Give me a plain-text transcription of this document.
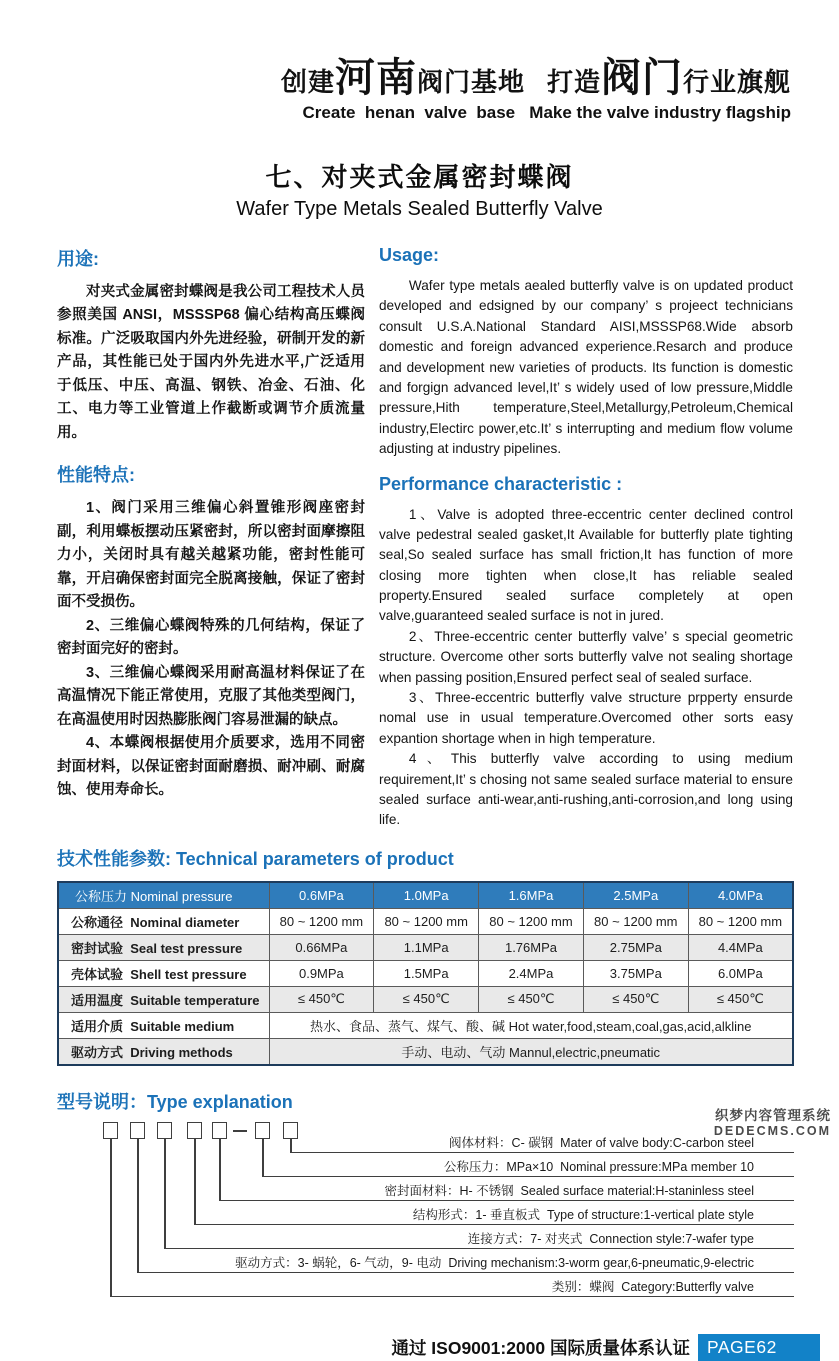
创建河南阀门基地 打造阀门行业旗舰
Create  henan  valve  base   Make the valve industry flagship
七、对夹式金属密封蝶阀
Wafer Type Metals Sealed Butterfly Valve
用途:

对夹式金属密封蝶阀是我公司工程技术人员参照美国 ANSI，MSSSP68 偏心结构高压蝶阀标准。广泛吸取国内外先进经验，研制开发的新产品，其性能已处于国内外先进水平,广泛适用于低压、中压、高温、钢铁、冶金、石油、化工、电力等工业管道上作截断或调节介质流量用。

性能特点:

1、阀门采用三维偏心斜置锥形阀座密封副，利用蝶板摆动压紧密封，所以密封面摩擦阻力小，关闭时具有越关越紧功能，密封性能可靠，开启确保密封面完全脱离接触，保证了密封面不受损伤。

2、三维偏心蝶阀特殊的几何结构，保证了密封面完好的密封。

3、三维偏心蝶阀采用耐高温材料保证了在高温情况下能正常使用，克服了其他类型阀门，在高温使用时因热膨胀阀门容易泄漏的缺点。

4、本蝶阀根据使用介质要求，选用不同密封面材料，以保证密封面耐磨损、耐冲刷、耐腐蚀、使用寿命长。

Usage:

Wafer type metals aealed butterfly valve is on updated product developed and edsigned by our company’ s projeect technicians consult U.S.A.National Standard AISI,MSSSP68.Wide absorb domestic and foreign advanced experience.Resarch and produce and development new varieties of products. Its function is domestic and forgign advanced level,It’ s widely used of low pressure,Middle pressure,Hith temperature,Steel,Metallurgy,Petroleum,Chemical industry,Electirc power,etc.It’ s interrupting and medium flow volume adjusting at industry pipelines.

Performance characteristic :

1、Valve is adopted three-eccentric center declined control valve pedestral sealed gasket,It Available for butterfly plate tighting seal,So sealed surface has small friction,It has function of more closing more tighten when close,It has reliable sealed property.Ensured sealed surface completely at open valve,guaranteed sealed surface is not in jured.

2、Three-eccentric center butterfly valve’ s special geometric structure. Overcome other sorts butterfly valve not sealing shortage when passing position,Ensured perfect seal of sealed surface.

3、Three-eccentric butterfly valve structure prpperty ensurde nomal use in usual temperature.Overcomed other sorts easy expantion shortage when in high temperature.

4、This butterfly valve according to using medium requirement,It’ s chosing not same sealed surface material to ensure sealed surface anti-wear,anti-rushing,anti-corrosion,and long using life.

技术性能参数: Technical parameters of product
公称压力 Nominal pressure	0.6MPa	1.0MPa	1.6MPa	2.5MPa	4.0MPa
公称通径  Nominal diameter	80 ~ 1200 mm	80 ~ 1200 mm	80 ~ 1200 mm	80 ~ 1200 mm	80 ~ 1200 mm
密封试验  Seal test pressure	0.66MPa	1.1MPa	1.76MPa	2.75MPa	4.4MPa
壳体试验  Shell test pressure	0.9MPa	1.5MPa	2.4MPa	3.75MPa	6.0MPa
适用温度  Suitable temperature	≤ 450℃	≤ 450℃	≤ 450℃	≤ 450℃	≤ 450℃
适用介质  Suitable medium	热水、食品、蒸气、煤气、酸、碱 Hot water,food,steam,coal,gas,acid,alkline				
驱动方式  Driving methods	手动、电动、气动 Mannul,electric,pneumatic				
型号说明：Type explanation
阀体材料：C- 碳钢  Mater of valve body:C-carbon steel
公称压力：MPa×10  Nominal pressure:MPa member 10
密封面材料：H- 不锈钢  Sealed surface material:H-staninless steel
结构形式：1- 垂直板式  Type of structure:1-vertical plate style
连接方式：7- 对夹式  Connection style:7-wafer type
驱动方式：3- 蜗轮，6- 气动，9- 电动  Driving mechanism:3-worm gear,6-pneumatic,9-electric
类别：蝶阀  Category:Butterfly valve
通过 ISO9001:2000 国际质量体系认证 PAGE62
织梦内容管理系统
DEDECMS.COM
